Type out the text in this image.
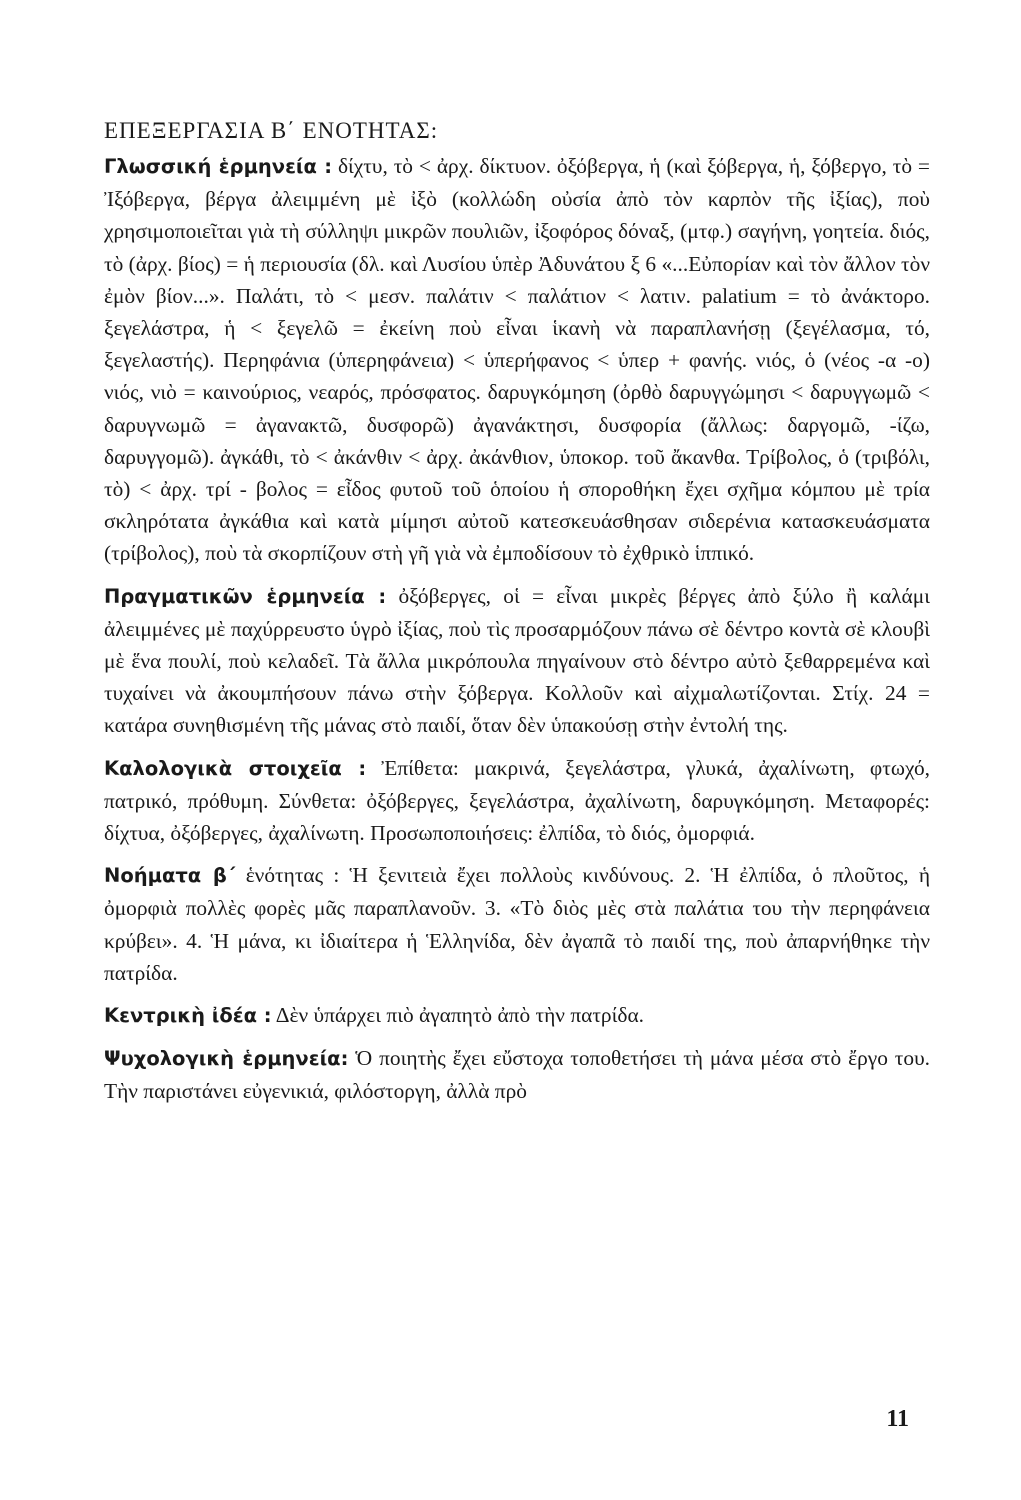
ΕΠΕΞΕΡΓΑΣΙΑ Β΄ ΕΝΟΤΗΤΑΣ:

Γλωσσική ἑρμηνεία : δίχτυ, τὸ < ἀρχ. δίκτυον. ὀξόβεργα, ἡ (καὶ ξόβεργα, ἡ, ξόβεργο, τὸ = Ἰξόβεργα, βέργα ἀλειμμένη μὲ ἰξὸ (κολλώδη οὐσία ἀπὸ τὸν καρπὸν τῆς ἰξίας), ποὺ χρησιμοποιεῖται γιὰ τὴ σύλληψι μικρῶν πουλιῶν, ἰξοφόρος δόναξ, (μτφ.) σαγήνη, γοητεία. διός, τὸ (ἀρχ. βίος) = ἡ περιουσία (δλ. καὶ Λυσίου ὑπὲρ Ἀδυνάτου ξ 6 «...Εὐπορίαν καὶ τὸν ἄλλον τὸν ἐμὸν βίον...». Παλάτι, τὸ < μεσν. παλάτιν < παλάτιον < λατιν. palatium = τὸ ἀνάκτορο. ξεγελάστρα, ἡ < ξεγελῶ = ἐκείνη ποὺ εἶναι ἱκανὴ νὰ παραπλανήσῃ (ξεγέλασμα, τό, ξεγελαστής). Περηφάνια (ὑπερηφάνεια) < ὑπερήφανος < ὑπερ + φανής. νιός, ὁ (νέος -α -ο) νιός, νιὸ = καινούριος, νεαρός, πρόσφατος. δαρυγκόμηση (ὀρθὸ δαρυγγώμησι < δαρυγγωμῶ < δαρυγνωμῶ = ἀγανακτῶ, δυσφορῶ) ἀγανάκτησι, δυσφορία (ἄλλως: δαργομῶ, -ίζω, δαρυγγομῶ). ἀγκάθι, τὸ < ἀκάνθιν < ἀρχ. ἀκάνθιον, ὑποκορ. τοῦ ἄκανθα. Τρίβολος, ὁ (τριβόλι, τὸ) < ἀρχ. τρί - βολος = εἶδος φυτοῦ τοῦ ὁποίου ἡ σποροθήκη ἔχει σχῆμα κόμπου μὲ τρία σκληρότατα ἀγκάθια καὶ κατὰ μίμησι αὐτοῦ κατεσκευάσθησαν σιδερένια κατασκευάσματα (τρίβολος), ποὺ τὰ σκορπίζουν στὴ γῆ γιὰ νὰ ἐμποδίσουν τὸ ἐχθρικὸ ἱππικό.

Πραγματικῶν ἑρμηνεία : ὀξόβεργες, οἱ = εἶναι μικρὲς βέργες ἀπὸ ξύλο ἢ καλάμι ἀλειμμένες μὲ παχύρρευστο ὑγρὸ ἰξίας, ποὺ τὶς προσαρμόζουν πάνω σὲ δέντρο κοντὰ σὲ κλουβὶ μὲ ἕνα πουλί, ποὺ κελαδεῖ. Τὰ ἄλλα μικρόπουλα πηγαίνουν στὸ δέντρο αὐτὸ ξεθαρρεμένα καὶ τυχαίνει νὰ ἀκουμπήσουν πάνω στὴν ξόβεργα. Κολλοῦν καὶ αἰχμαλωτίζονται. Στίχ. 24 = κατάρα συνηθισμένη τῆς μάνας στὸ παιδί, ὅταν δὲν ὑπακούσῃ στὴν ἐντολή της.

Καλολογικὰ στοιχεῖα : Ἐπίθετα: μακρινά, ξεγελάστρα, γλυκά, ἀχαλίνωτη, φτωχό, πατρικό, πρόθυμη. Σύνθετα: ὀξόβεργες, ξεγελάστρα, ἀχαλίνωτη, δαρυγκόμηση. Μεταφορές: δίχτυα, ὀξόβεργες, ἀχαλίνωτη. Προσωποποιήσεις: ἐλπίδα, τὸ διός, ὀμορφιά.

Νοήματα β΄ ἑνότητας : Ἡ ξενιτειὰ ἔχει πολλοὺς κινδύνους. 2. Ἡ ἐλπίδα, ὁ πλοῦτος, ἡ ὀμορφιὰ πολλὲς φορὲς μᾶς παραπλανοῦν. 3. «Τὸ διὸς μὲς στὰ παλάτια του τὴν περηφάνεια κρύβει». 4. Ἡ μάνα, κι ἰδιαίτερα ἡ Ἑλληνίδα, δὲν ἀγαπᾶ τὸ παιδί της, ποὺ ἀπαρνήθηκε τὴν πατρίδα.

Κεντρικὴ ἰδέα : Δὲν ὑπάρχει πιὸ ἀγαπητὸ ἀπὸ τὴν πατρίδα.

Ψυχολογικὴ ἑρμηνεία: Ὁ ποιητὴς ἔχει εὔστοχα τοποθετήσει τὴ μάνα μέσα στὸ ἔργο του. Τὴν παριστάνει εὐγενικιά, φιλόστοργη, ἀλλὰ πρὸ

11
